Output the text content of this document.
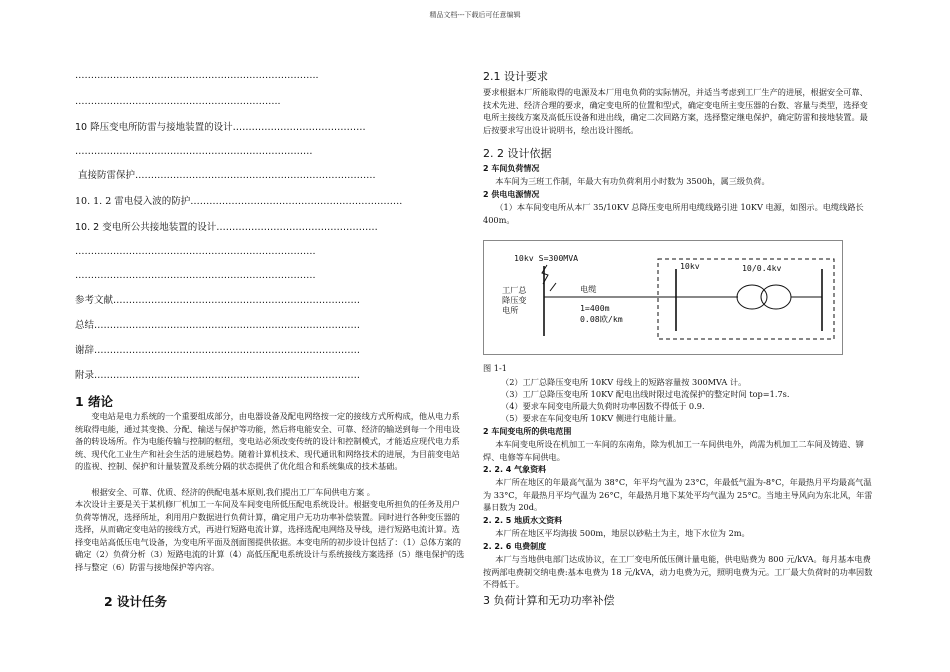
精品文档---下载后可任意编辑
…………………………………………………………………..
………………………………………………………..
10 降压变电所防雷与接地装置的设计……………………………………
…………………………………………………………………
直接防雷保护………………………………………………………………….
10. 1. 2 雷电侵入波的防护………………………………………………………….
10. 2 变电所公共接地装置的设计……………………………………………
………………………………………………………………….
………………………………………………………………….
参考文献……………………………………………………………………
总结…………………………………………………………………………
谢辞…………………………………………………………………………
附录…………………………………………………………………………
1 绪论
变电站是电力系统的一个重要组成部分，由电器设备及配电网络按一定的接线方式所构成，他从电力系统取得电能，通过其变换、分配、输送与保护等功能，然后将电能安全、可靠、经济的输送到每一个用电设备的转设场所。作为电能传输与控制的枢纽，变电站必须改变传统的设计和控制模式，才能适应现代电力系统、现代化工业生产和社会生活的进展趋势。随着计算机技术、现代通讯和网络技术的进展，为目前变电站的监视、控制、保护和计量装置及系统分隔的状态提供了优化组合和系统集成的技术基础。
根据安全、可靠、优质、经济的供配电基本原则,我们提出工厂车间供电方案 。
本次设计主要是关于某机修厂机加工一车间及车间变电所低压配电系统设计。根据变电所担负的任务及用户负荷等情况，选择所址，利用用户数据进行负荷计算，确定用户无功功率补偿装置。同时进行各种变压器的选择，从而确定变电站的接线方式，再进行短路电流计算，选择选配电网络及导线，进行短路电流计算。选择变电站高低压电气设备，为变电所平面及剖面图提供依据。本变电所的初步设计包括了：（1）总体方案的确定（2）负荷分析（3）短路电流的计算（4）高低压配电系统设计与系统接线方案选择（5）继电保护的选择与整定（6）防雷与接地保护等内容。
2 设计任务
2.1 设计要求
要求根据本厂所能取得的电源及本厂用电负荷的实际情况，并适当考虑到工厂生产的进展，根据安全可靠、技术先进、经济合理的要求，确定变电所的位置和型式，确定变电所主变压器的台数、容量与类型，选择变电所主接线方案及高低压设备和进出线，确定二次回路方案，选择整定继电保护，确定防雷和接地装置。最后按要求写出设计说明书，绘出设计图纸。
2. 2 设计依据
2 车间负荷情况
本车间为三班工作制，年最大有功负荷利用小时数为 3500h，属三级负荷。
2 供电电源情况
（1）本车间变电所从本厂 35/10KV 总降压变电所用电缆线路引进 10KV 电源，如图示。电缆线路长 400m。
10kv S=300MVA
工厂总
降压变
电所
电缆
1=400m
0.08欧/km
10kv	10/0.4kv
图 1-1
（2）工厂总降压变电所 10KV 母线上的短路容量按 300MVA 计。
（3）工厂总降压变电所 10KV 配电出线时限过电流保护的整定时间 top=1.7s.
（4）要求车间变电所最大负荷时功率因数不得低于 0.9.
（5）要求在车间变电所 10KV 侧进行电能计量。
2 车间变电所的供电范围
本车间变电所设在机加工一车间的东南角，除为机加工一车间供电外，尚需为机加工二车间及铸造、铆焊、电修等车间供电。
2. 2. 4 气象资料
本厂所在地区的年最高气温为 38°C，年平均气温为 23°C，年最低气温为-8°C，年最热月平均最高气温为 33°C，年最热月平均气温为 26°C，年最热月地下某处平均气温为 25°C。当地主导风向为东北风，年雷暴日数为 20d。
2. 2. 5 地质水文资料
本厂所在地区平均海拔 500m，地层以砂粘土为主，地下水位为 2m。
2. 2. 6 电费制度
本厂与当地供电部门达成协议，在工厂变电所低压侧计量电能，供电贴费为 800 元/kVA。每月基本电费按两部电费制交纳电费:基本电费为 18 元/kVA，动力电费为元，照明电费为元。工厂最大负荷时的功率因数不得低于。
3 负荷计算和无功功率补偿
